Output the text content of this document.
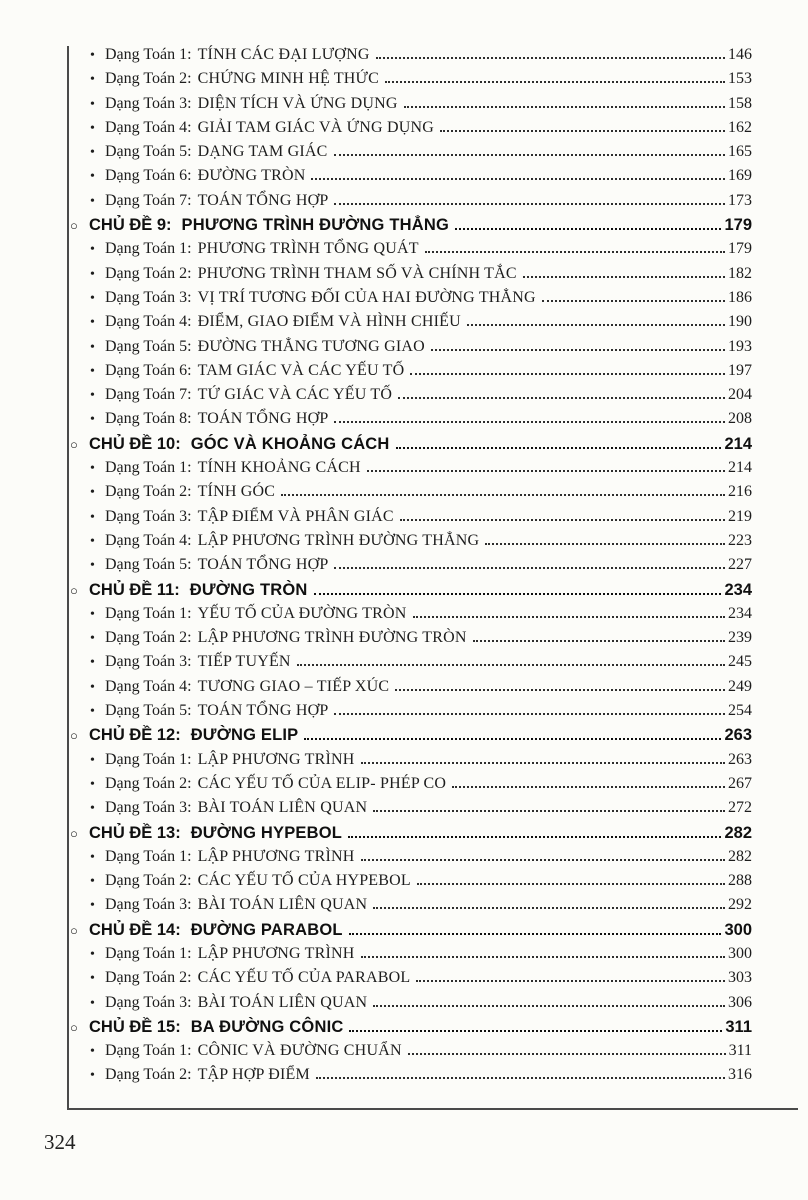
• Dạng Toán 1: TÍNH CÁC ĐẠI LƯỢNG	146
• Dạng Toán 2: CHỨNG MINH HỆ THỨC	153
• Dạng Toán 3: DIỆN TÍCH VÀ ỨNG DỤNG	158
• Dạng Toán 4: GIẢI TAM GIÁC VÀ ỨNG DỤNG	162
• Dạng Toán 5: DẠNG TAM GIÁC	165
• Dạng Toán 6: ĐƯỜNG TRÒN	169
• Dạng Toán 7: TOÁN TỔNG HỢP	173
○ CHỦ ĐỀ 9: PHƯƠNG TRÌNH ĐƯỜNG THẲNG	179
• Dạng Toán 1: PHƯƠNG TRÌNH TỔNG QUÁT	179
• Dạng Toán 2: PHƯƠNG TRÌNH THAM SỐ VÀ CHÍNH TẮC	182
• Dạng Toán 3: VỊ TRÍ TƯƠNG ĐỐI CỦA HAI ĐƯỜNG THẲNG	186
• Dạng Toán 4: ĐIỂM, GIAO ĐIỂM VÀ HÌNH CHIẾU	190
• Dạng Toán 5: ĐƯỜNG THẲNG TƯƠNG GIAO	193
• Dạng Toán 6: TAM GIÁC VÀ CÁC YẾU TỐ	197
• Dạng Toán 7: TỨ GIÁC VÀ CÁC YẾU TỐ	204
• Dạng Toán 8: TOÁN TỔNG HỢP	208
○ CHỦ ĐỀ 10: GÓC VÀ KHOẢNG CÁCH	214
• Dạng Toán 1: TÍNH KHOẢNG CÁCH	214
• Dạng Toán 2: TÍNH GÓC	216
• Dạng Toán 3: TẬP ĐIỂM VÀ PHÂN GIÁC	219
• Dạng Toán 4: LẬP PHƯƠNG TRÌNH ĐƯỜNG THẲNG	223
• Dạng Toán 5: TOÁN TỔNG HỢP	227
○ CHỦ ĐỀ 11: ĐƯỜNG TRÒN	234
• Dạng Toán 1: YẾU TỐ CỦA ĐƯỜNG TRÒN	234
• Dạng Toán 2: LẬP PHƯƠNG TRÌNH ĐƯỜNG TRÒN	239
• Dạng Toán 3: TIẾP TUYẾN	245
• Dạng Toán 4: TƯƠNG GIAO – TIẾP XÚC	249
• Dạng Toán 5: TOÁN TỔNG HỢP	254
○ CHỦ ĐỀ 12: ĐƯỜNG ELIP	263
• Dạng Toán 1: LẬP PHƯƠNG TRÌNH	263
• Dạng Toán 2: CÁC YẾU TỐ CỦA ELIP- PHÉP CO	267
• Dạng Toán 3: BÀI TOÁN LIÊN QUAN	272
○ CHỦ ĐỀ 13: ĐƯỜNG HYPEBOL	282
• Dạng Toán 1: LẬP PHƯƠNG TRÌNH	282
• Dạng Toán 2: CÁC YẾU TỐ CỦA HYPEBOL	288
• Dạng Toán 3: BÀI TOÁN LIÊN QUAN	292
○ CHỦ ĐỀ 14: ĐƯỜNG PARABOL	300
• Dạng Toán 1: LẬP PHƯƠNG TRÌNH	300
• Dạng Toán 2: CÁC YẾU TỐ CỦA PARABOL	303
• Dạng Toán 3: BÀI TOÁN LIÊN QUAN	306
○ CHỦ ĐỀ 15: BA ĐƯỜNG CÔNIC	311
• Dạng Toán 1: CÔNIC VÀ ĐƯỜNG CHUẨN	311
• Dạng Toán 2: TẬP HỢP ĐIỂM	316
324
